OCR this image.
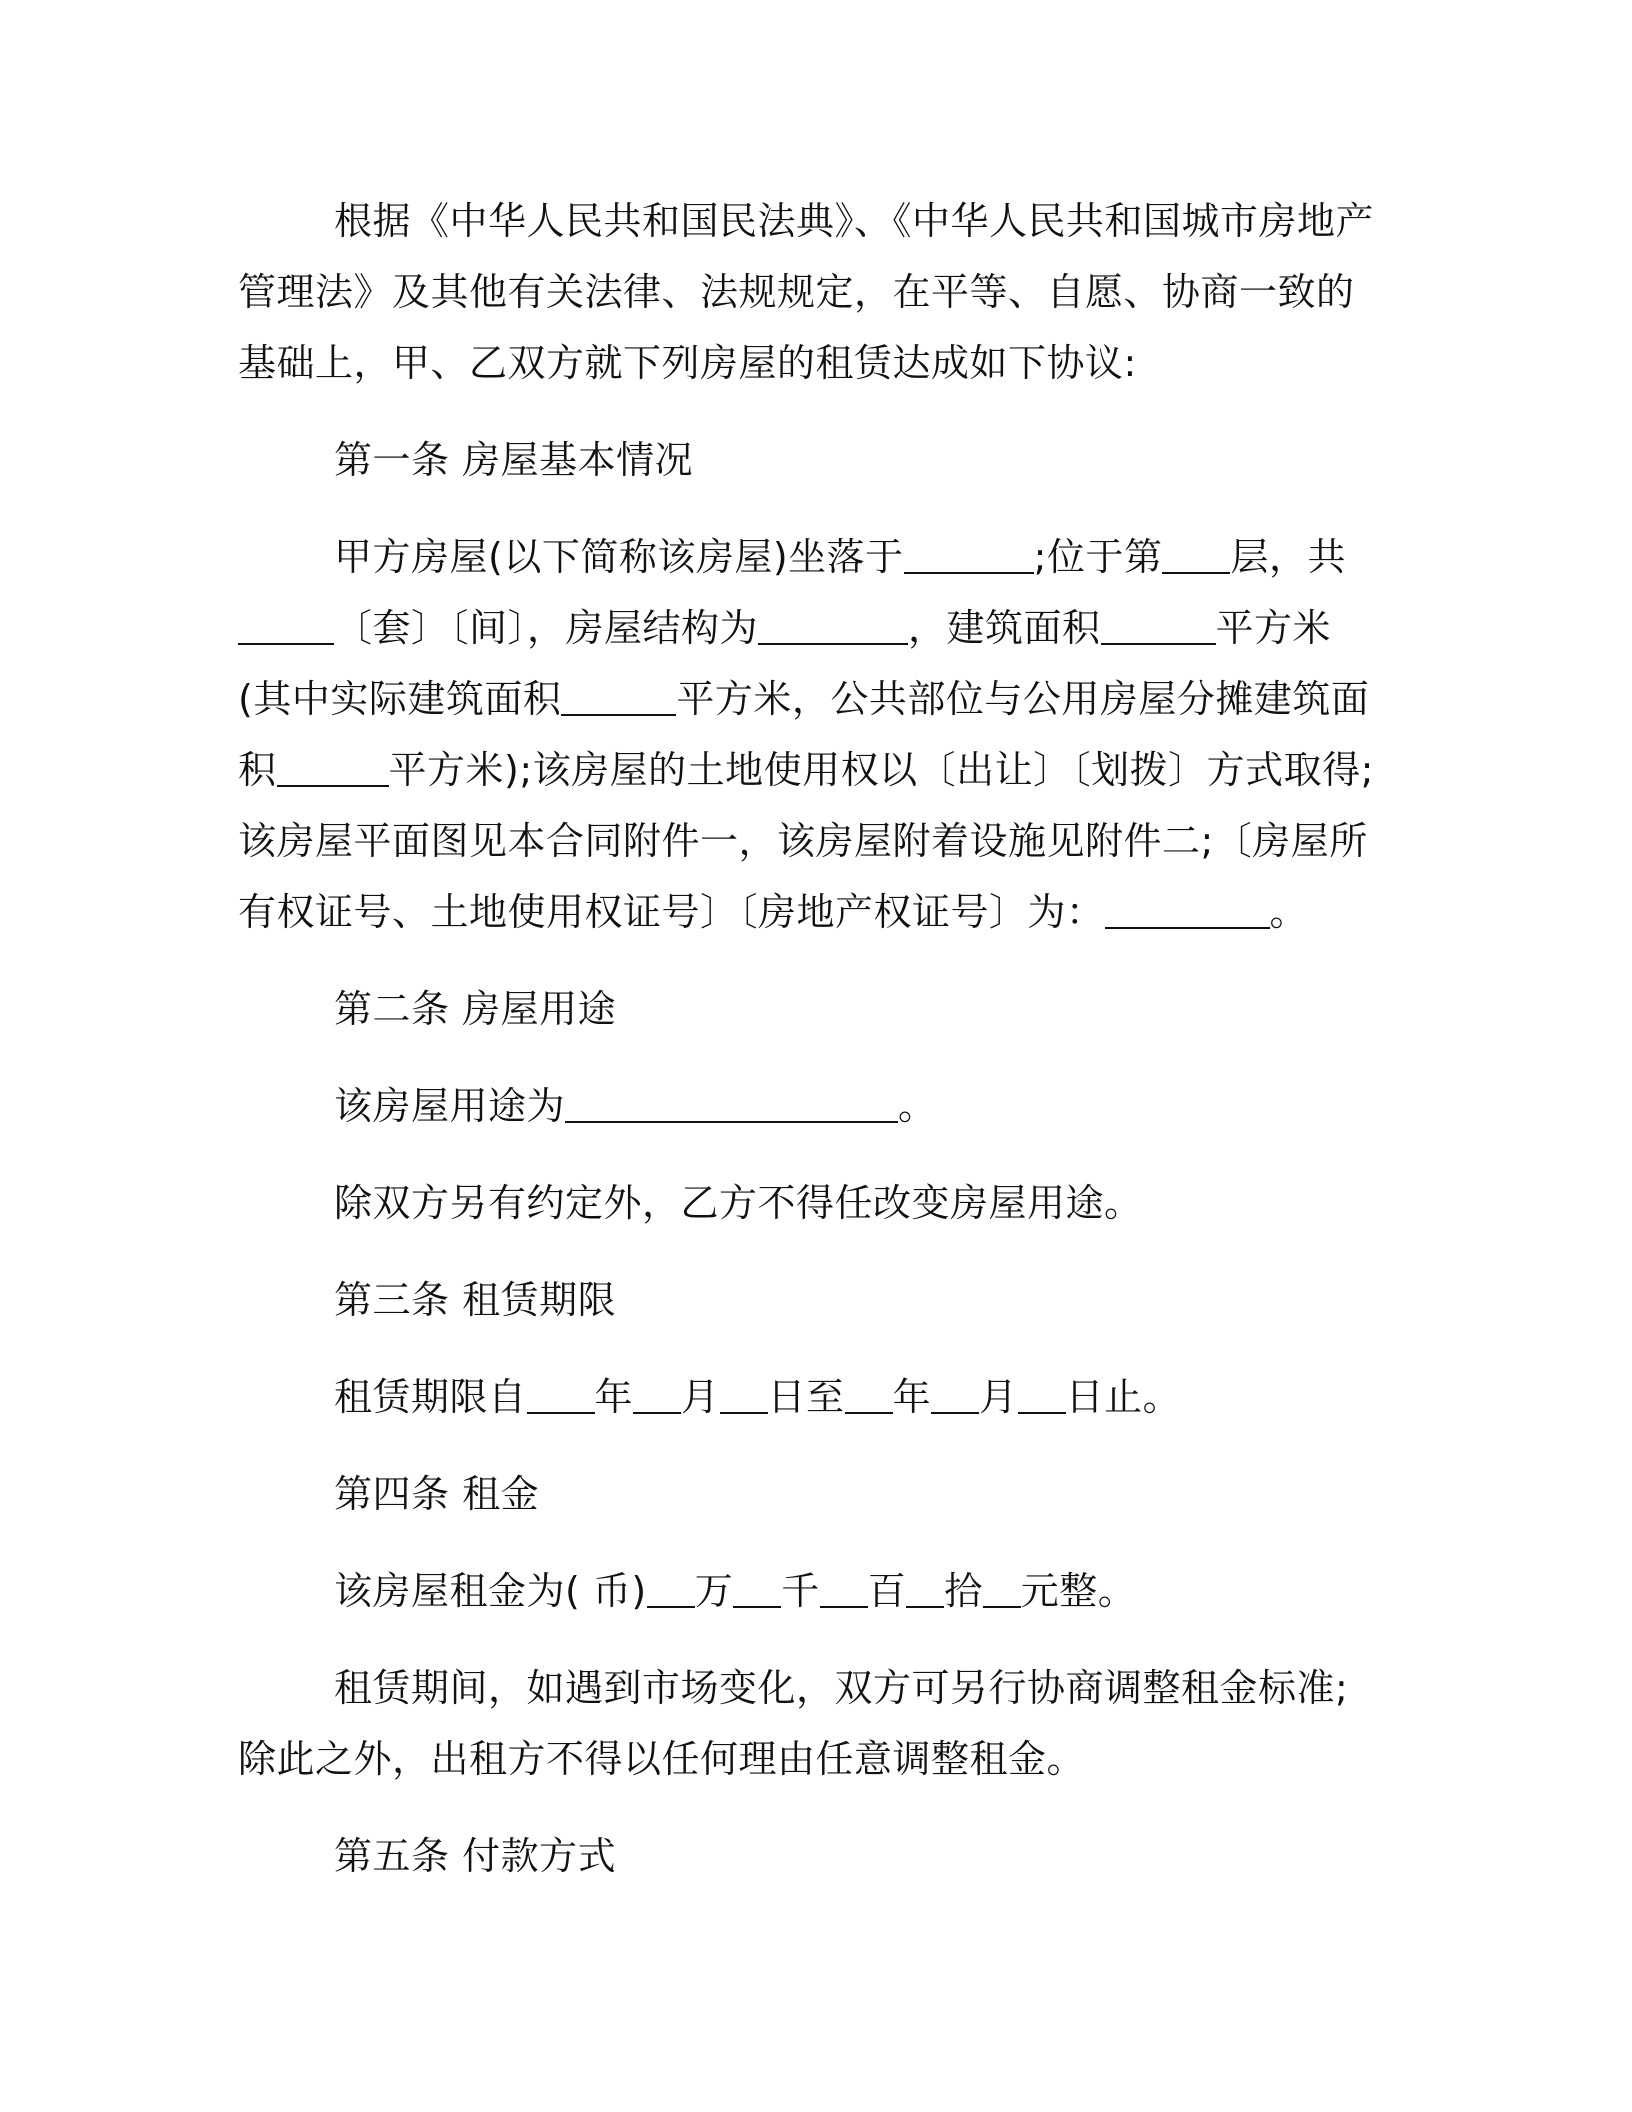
根据《中华人民共和国民法典》、《中华人民共和国城市房地产管理法》及其他有关法律、法规规定，在平等、自愿、协商一致的基础上，甲、乙双方就下列房屋的租赁达成如下协议:

第一条 房屋基本情况

甲方房屋(以下简称该房屋)坐落于	;位于第 层，共〔套〕〔间〕，房屋结构为	，建筑面积	平方米(其中实际建筑面积	平方米，公共部位与公用房屋分摊建筑面积	平方米);该房屋的土地使用权以〔出让〕〔划拨〕方式取得;该房屋平面图见本合同附件一，该房屋附着设施见附件二;〔房屋所有权证号、土地使用权证号〕〔房地产权证号〕为：	。

第二条 房屋用途

该房屋用途为	。

除双方另有约定外，乙方不得任改变房屋用途。

第三条 租赁期限

租赁期限自 年 月 日至 年 月 日止。

第四条 租金

该房屋租金为( 币) 万 千 百 拾 元整。

租赁期间，如遇到市场变化，双方可另行协商调整租金标准;除此之外，出租方不得以任何理由任意调整租金。

第五条 付款方式
